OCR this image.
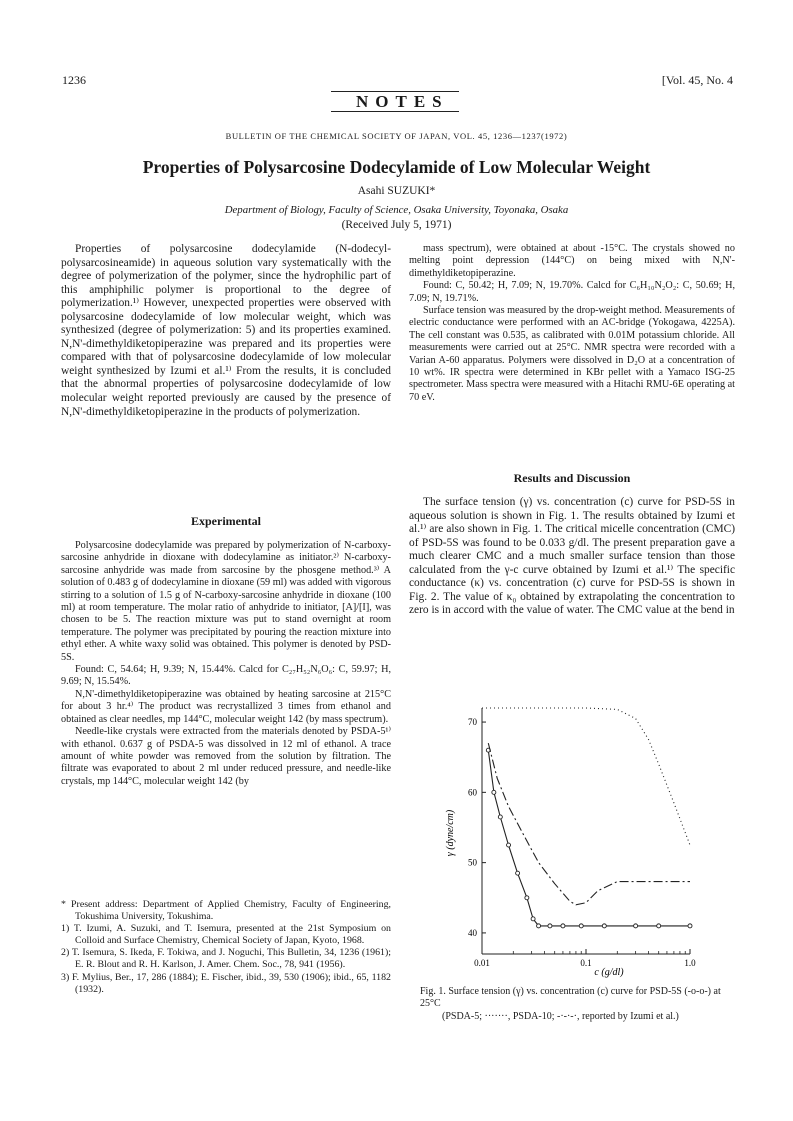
1236	[Vol. 45, No. 4
NOTES
BULLETIN OF THE CHEMICAL SOCIETY OF JAPAN, VOL. 45, 1236—1237(1972)
Properties of Polysarcosine Dodecylamide of Low Molecular Weight
Asahi SUZUKI*
Department of Biology, Faculty of Science, Osaka University, Toyonaka, Osaka
(Received July 5, 1971)

Properties of polysarcosine dodecylamide (N-dodecyl-polysarcosineamide) in aqueous solution vary systematically with the degree of polymerization of the polymer, since the hydrophilic part of this amphiphilic polymer is proportional to the degree of polymerization.¹⁾ However, unexpected properties were observed with polysarcosine dodecylamide of low molecular weight, which was synthesized (degree of polymerization: 5) and its properties examined. N,N'-dimethyldiketopiperazine was prepared and its properties were compared with that of polysarcosine dodecylamide of low molecular weight synthesized by Izumi et al.¹⁾ From the results, it is concluded that the abnormal properties of polysarcosine dodecylamide of low molecular weight reported previously are caused by the presence of N,N'-dimethyldiketopiperazine in the products of polymerization.

Experimental

Polysarcosine dodecylamide was prepared by polymerization of N-carboxy-sarcosine anhydride in dioxane with dodecylamine as initiator.²⁾ N-carboxy-sarcosine anhydride was made from sarcosine by the phosgene method.³⁾ A solution of 0.483 g of dodecylamine in dioxane (59 ml) was added with vigorous stirring to a solution of 1.5 g of N-carboxy-sarcosine anhydride in dioxane (100 ml) at room temperature. The molar ratio of anhydride to initiator, [A]/[I], was chosen to be 5. The reaction mixture was put to stand overnight at room temperature. The polymer was precipitated by pouring the reaction mixture into ethyl ether. A white waxy solid was obtained. This polymer is denoted by PSD-5S.

Found: C, 54.64; H, 9.39; N, 15.44%. Calcd for C₂₇H₅₂N₆O₆: C, 59.97; H, 9.69; N, 15.54%.

N,N'-dimethyldiketopiperazine was obtained by heating sarcosine at 215°C for about 3 hr.⁴⁾ The product was recrystallized 3 times from ethanol and obtained as clear needles, mp 144°C, molecular weight 142 (by mass spectrum).

Needle-like crystals were extracted from the materials denoted by PSDA-5¹⁾ with ethanol. 0.637 g of PSDA-5 was dissolved in 12 ml of ethanol. A trace amount of white powder was removed from the solution by filtration. The filtrate was evaporated to about 2 ml under reduced pressure, and needle-like crystals, mp 144°C, molecular weight 142 (by

* Present address: Department of Applied Chemistry, Faculty of Engineering, Tokushima University, Tokushima.

1) T. Izumi, A. Suzuki, and T. Isemura, presented at the 21st Symposium on Colloid and Surface Chemistry, Chemical Society of Japan, Kyoto, 1968.

2) T. Isemura, S. Ikeda, F. Tokiwa, and J. Noguchi, This Bulletin, 34, 1236 (1961); E. R. Blout and R. H. Karlson, J. Amer. Chem. Soc., 78, 941 (1956).

3) F. Mylius, Ber., 17, 286 (1884); E. Fischer, ibid., 39, 530 (1906); ibid., 65, 1182 (1932).

mass spectrum), were obtained at about -15°C. The crystals showed no melting point depression (144°C) on being mixed with N,N'-dimethyldiketopiperazine.

Found: C, 50.42; H, 7.09; N, 19.70%. Calcd for C₆H₁₀N₂O₂: C, 50.69; H, 7.09; N, 19.71%.

Surface tension was measured by the drop-weight method. Measurements of electric conductance were performed with an AC-bridge (Yokogawa, 4225A). The cell constant was 0.535, as calibrated with 0.01M potassium chloride. All measurements were carried out at 25°C. NMR spectra were recorded with a Varian A-60 apparatus. Polymers were dissolved in D₂O at a concentration of 10 wt%. IR spectra were determined in KBr pellet with a Yamaco ISG-25 spectrometer. Mass spectra were measured with a Hitachi RMU-6E operating at 70 eV.

Results and Discussion

The surface tension (γ) vs. concentration (c) curve for PSD-5S in aqueous solution is shown in Fig. 1. The results obtained by Izumi et al.¹⁾ are also shown in Fig. 1. The critical micelle concentration (CMC) of PSD-5S was found to be 0.033 g/dl. The present preparation gave a much clearer CMC and a much smaller surface tension than those calculated from the γ-c curve obtained by Izumi et al.¹⁾ The specific conductance (κ) vs. concentration (c) curve for PSD-5S is shown in Fig. 2. The value of κ₀ obtained by extrapolating the concentration to zero is in accord with the value of water. The CMC value at the bend in

40
50
60
70
0.01	0.1	1.0
γ (dyne/cm)
c (g/dl)
Fig. 1. Surface tension (γ) vs. concentration (c) curve for PSD-5S (-o-o-) at 25°C
(PSDA-5; ·······, PSDA-10; -·-·-·, reported by Izumi et al.)
